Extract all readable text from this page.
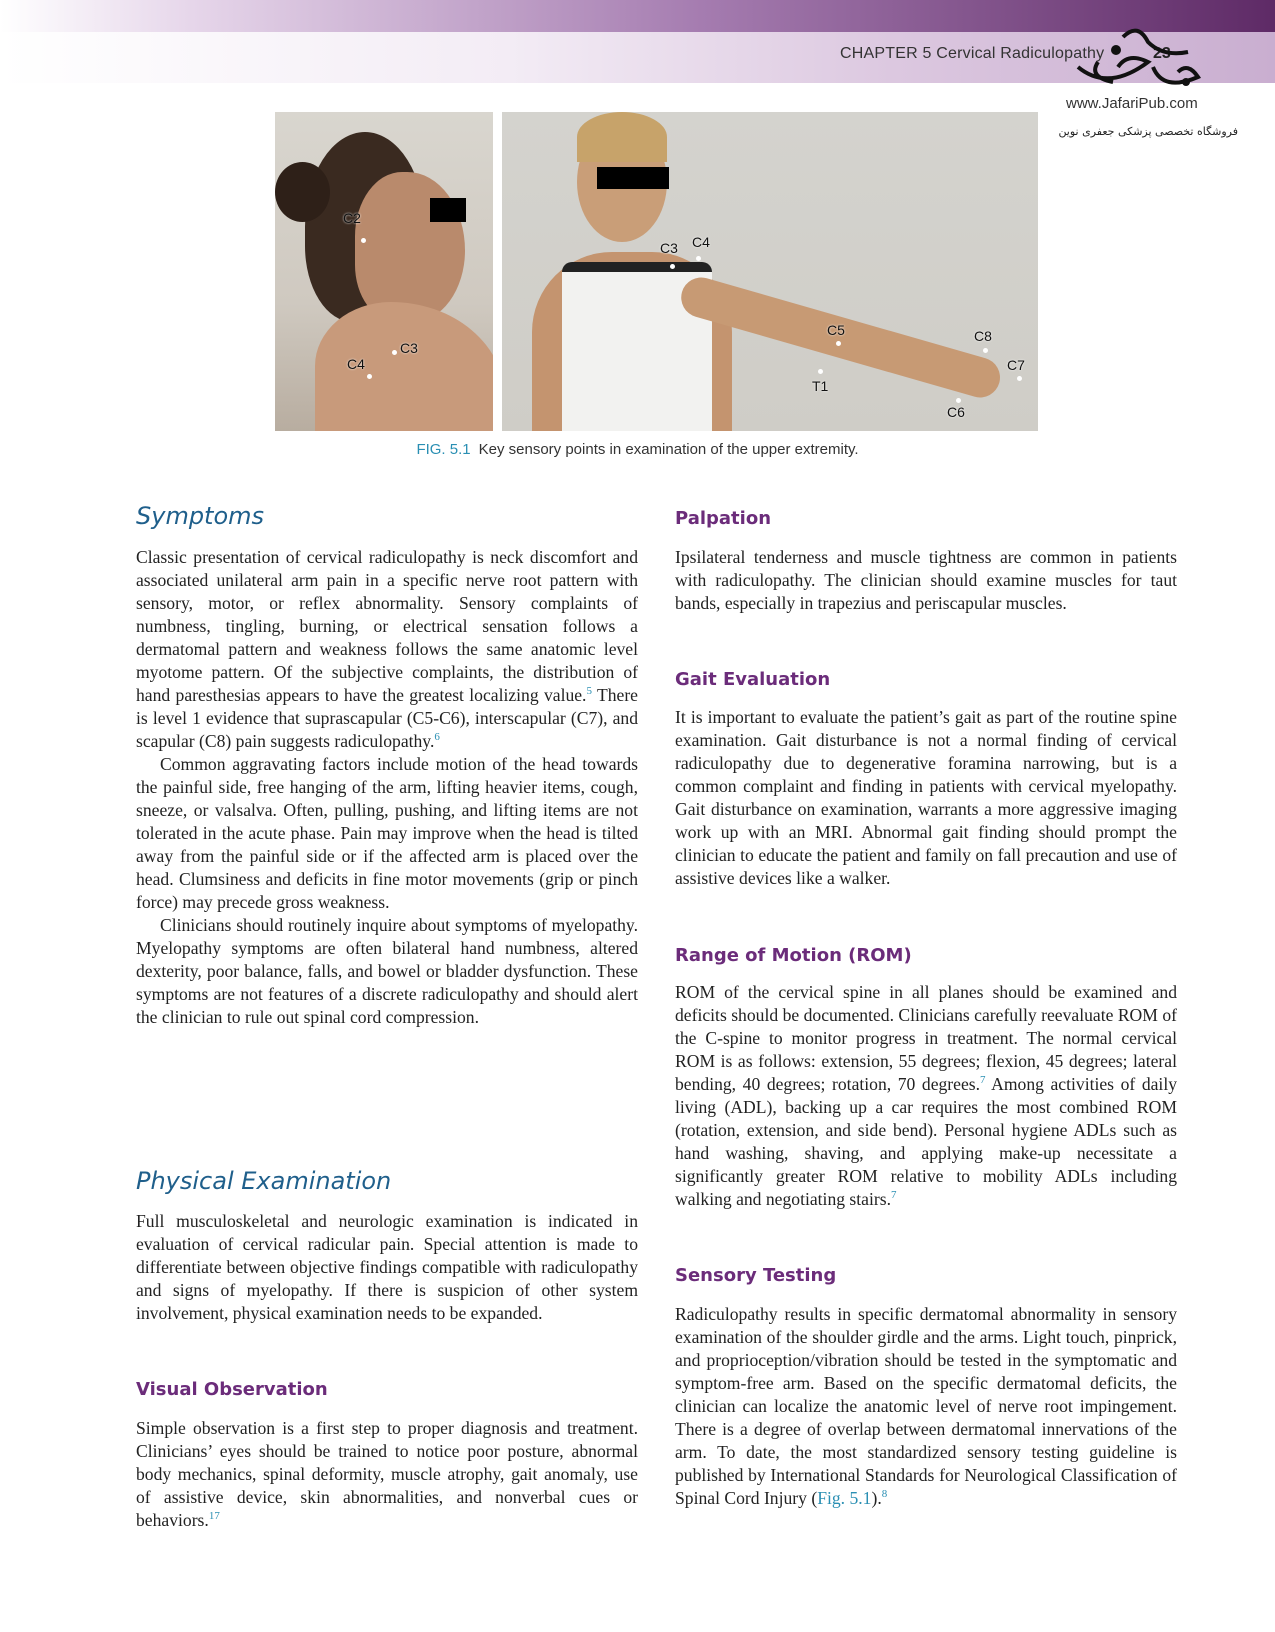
CHAPTER 5 Cervical Radiculopathy	23
www.JafariPub.com
فروشگاه تخصصی پزشکی جعفری نوین
C2
C3
C4
C3 C4
C5
T1
C8
C7
C6
FIG. 5.1 Key sensory points in examination of the upper extremity.
Symptoms

Classic presentation of cervical radiculopathy is neck discomfort and associated unilateral arm pain in a specific nerve root pattern with sensory, motor, or reflex abnormality. Sensory complaints of numbness, tingling, burning, or electrical sensation follows a dermatomal pattern and weakness follows the same anatomic level myotome pattern. Of the subjective complaints, the distribution of hand paresthesias appears to have the greatest localizing value.$^5$ There is level 1 evidence that suprascapular (C5-C6), interscapular (C7), and scapular (C8) pain suggests radiculopathy.$^6$

Common aggravating factors include motion of the head towards the painful side, free hanging of the arm, lifting heavier items, cough, sneeze, or valsalva. Often, pulling, pushing, and lifting items are not tolerated in the acute phase. Pain may improve when the head is tilted away from the painful side or if the affected arm is placed over the head. Clumsiness and deficits in fine motor movements (grip or pinch force) may precede gross weakness.

Clinicians should routinely inquire about symptoms of myelopathy. Myelopathy symptoms are often bilateral hand numbness, altered dexterity, poor balance, falls, and bowel or bladder dysfunction. These symptoms are not features of a discrete radiculopathy and should alert the clinician to rule out spinal cord compression.

Physical Examination

Full musculoskeletal and neurologic examination is indicated in evaluation of cervical radicular pain. Special attention is made to differentiate between objective findings compatible with radiculopathy and signs of myelopathy. If there is suspicion of other system involvement, physical examination needs to be expanded.

Visual Observation

Simple observation is a first step to proper diagnosis and treatment. Clinicians’ eyes should be trained to notice poor posture, abnormal body mechanics, spinal deformity, muscle atrophy, gait anomaly, use of assistive device, skin abnormalities, and nonverbal cues or behaviors.$^{17}$

Palpation

Ipsilateral tenderness and muscle tightness are common in patients with radiculopathy. The clinician should examine muscles for taut bands, especially in trapezius and periscapular muscles.

Gait Evaluation

It is important to evaluate the patient’s gait as part of the routine spine examination. Gait disturbance is not a normal finding of cervical radiculopathy due to degenerative foramina narrowing, but is a common complaint and finding in patients with cervical myelopathy. Gait disturbance on examination, warrants a more aggressive imaging work up with an MRI. Abnormal gait finding should prompt the clinician to educate the patient and family on fall precaution and use of assistive devices like a walker.

Range of Motion (ROM)

ROM of the cervical spine in all planes should be examined and deficits should be documented. Clinicians carefully reevaluate ROM of the C-spine to monitor progress in treatment. The normal cervical ROM is as follows: extension, 55 degrees; flexion, 45 degrees; lateral bending, 40 degrees; rotation, 70 degrees.$^7$ Among activities of daily living (ADL), backing up a car requires the most combined ROM (rotation, extension, and side bend). Personal hygiene ADLs such as hand washing, shaving, and applying make-up necessitate a significantly greater ROM relative to mobility ADLs including walking and negotiating stairs.$^7$

Sensory Testing

Radiculopathy results in specific dermatomal abnormality in sensory examination of the shoulder girdle and the arms. Light touch, pinprick, and proprioception/vibration should be tested in the symptomatic and symptom-free arm. Based on the specific dermatomal deficits, the clinician can localize the anatomic level of nerve root impingement. There is a degree of overlap between dermatomal innervations of the arm. To date, the most standardized sensory testing guideline is published by International Standards for Neurological Classification of Spinal Cord Injury (Fig. 5.1).$^8$
